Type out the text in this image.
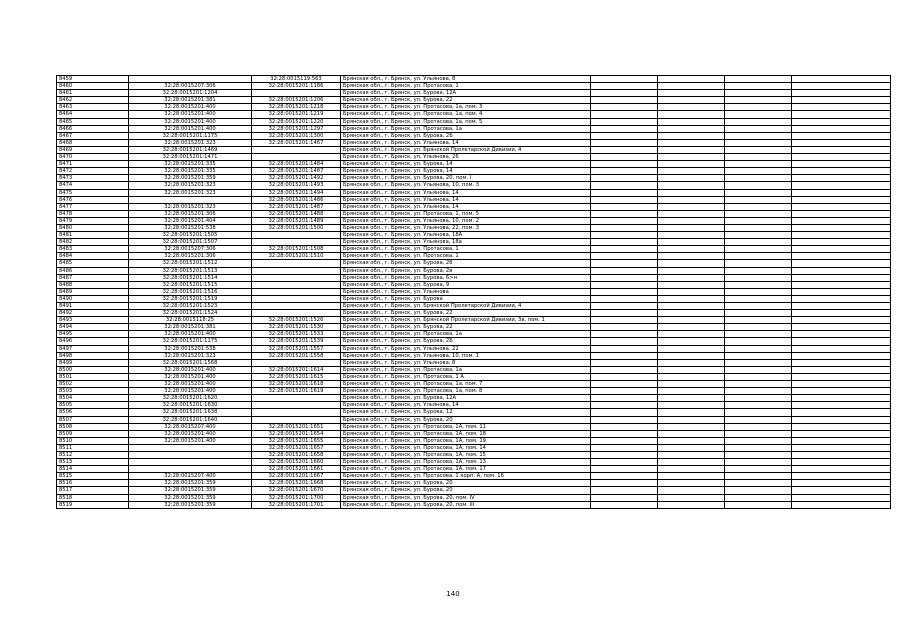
8459		32:28:0015119:563	Брянская обл., г. Брянск, ул. Ульянова, 8				
8460	32:28:0015207:306	32:28:0015201:1186	Брянская обл., г. Брянск, ул. Протасова, 1				
8461	32:28:0015201:1204		Брянская обл., г. Брянск, ул. Бурова, 12А				
8462	32:28:0015201:381	32:28:0015201:1206	Брянская обл., г. Брянск, ул. Бурова, 22				
8463	32:28:0015201:400	32:28:0015201:1218	Брянская обл., г. Брянск, ул. Протасова, 1а, пом. 3				
8464	32:28:0015201:400	32:28:0015201:1219	Брянская обл., г. Брянск, ул. Протасова, 1а, пом. 4				
8465	32:28:0015201:400	32:28:0015201:1220	Брянская обл., г. Брянск, ул. Протасова, 1а, пом. 5				
8466	32:28:0015201:400	32:28:0015201:1297	Брянская обл., г. Брянск, ул. Протасова, 1а				
8467	32:28:0015201:1175	32:28:0015201:1300	Брянская обл., г. Брянск, ул. Бурова, 2Б				
8468	32:28:0015201:323	32:28:0015201:1467	Брянская обл., г. Брянск, ул. Ульянова, 14				
8469	32:28:0015201:1469		Брянская обл., г. Брянск, ул. Брянской Пролетарской Дивизии, 4				
8470	32:28:0015201:1471		Брянская обл., г. Брянск, ул. Ульянова, 26				
8471	32:28:0015201:335	32:28:0015201:1484	Брянская обл., г. Брянск, ул. Бурова, 14				
8472	32:28:0015201:335	32:28:0015201:1487	Брянская обл., г. Брянск, ул. Бурова, 14				
8473	32:28:0015201:359	32:28:0015201:1492	Брянская обл., г. Брянск, ул. Бурова, 20, пом. I				
8474	32:28:0015201:323	32:28:0015201:1493	Брянская обл., г. Брянск, ул. Ульянова, 10, пом. 3				
8475	32:28:0015201:323	32:28:0015201:1494	Брянская обл., г. Брянск, ул. Ульянова, 14				
8476		32:28:0015201:1486	Брянская обл., г. Брянск, ул. Ульянова, 14				
8477	32:28:0015201:323	32:28:0015201:1487	Брянская обл., г. Брянск, ул. Ульянова, 14				
8478	32:28:0015201:306	32:28:0015201:1488	Брянская обл., г. Брянск, ул. Протасова, 1, пом. 5				
8479	32:28:0015201:404	32:28:0015201:1489	Брянская обл., г. Брянск, ул. Ульянова, 10, пом. 2				
8480	32:28:0015201:538	32:28:0015201:1500	Брянская обл., г. Брянск, ул. Ульянова, 22, пом. 3				
8481	32:28:0015201:1505		Брянская обл., г. Брянск, ул. Ульянова, 18А				
8482	32:28:0015201:1507		Брянская обл., г. Брянск, ул. Ульянова, 18а				
8483	32:28:0015207:306	32:28:0015201:1508	Брянская обл., г. Брянск, ул. Протасова, 1				
8484	32:28:0015201:306	32:28:0015201:1510	Брянская обл., г. Брянск, ул. Протасова, 1				
8485	32:28:0015201:1512		Брянская обл., г. Брянск, ул. Бурова, 2б				
8486	32:28:0015201:1513		Брянская обл., г. Брянск, ул. Бурова, 2в				
8487	32:28:0015201:1514		Брянская обл., г. Брянск, ул. Бурова, 6>н				
8488	32:28:0015201:1515		Брянская обл., г. Брянск, ул. Бурова, 9				
8489	32:28:0015201:1516		Брянская обл., г. Брянск, ул. Ульянова				
8490	32:28:0015201:1519		Брянская обл., г. Брянск, ул. Бурова				
8491	32:28:0015201:1523		Брянская обл., г. Брянск, ул. Брянской Пролетарской Дивизии, 4				
8492	32:28:0015201:1524		Брянская обл., г. Брянск, ул. Бурова, 22				
8493	32:28:0015118:25	32:28:0015201:1526	Брянская обл., г. Брянск, ул. Брянской Пролетарской Дивизии, 3в, пом. 1				
8494	32:28:0015201:381	32:28:0015201:1530	Брянская обл., г. Брянск, ул. Бурова, 22				
8495	32:28:0015201:400	32:28:0015201:1533	Брянская обл., г. Брянск, ул. Протасова, 1а				
8496	32:28:0015201:1175	32:28:0015201:1539	Брянская обл., г. Брянск, ул. Бурова, 2Б				
8497	32:28:0015201:538	32:28:0015201:1557	Брянская обл., г. Брянск, ул. Ульянова, 22				
8498	32:28:0015201:323	32:28:0015201:1558	Брянская обл., г. Брянск, ул. Ульянова, 10, пом. 1				
8499	32:28:0015201:1568		Брянская обл., г. Брянск, ул. Ульянова, 8				
8500	32:28:0015201:400	32:28:0015201:1614	Брянская обл., г. Брянск, ул. Протасова, 1а				
8501	32:28:0015201:400	32:28:0015201:1615	Брянская обл., г. Брянск, ул. Протасова, 1 А				
8502	32:28:0015201:400	32:28:0015201:1618	Брянская обл., г. Брянск, ул. Протасова, 1а, пом. 7				
8503	32:28:0015201:400	32:28:0015201:1619	Брянская обл., г. Брянск, ул. Протасова, 1а, пом. 8				
8504	32:28:0015201:1620		Брянская обл., г. Брянск, ул. Бурова, 12А				
8505	32:28:0015201:1630		Брянская обл., г. Брянск, ул. Ульянова, 14				
8506	32:28:0015201:1638		Брянская обл., г. Брянск, ул. Бурова, 12				
8507	32:28:0015201:1640		Брянская обл., г. Брянск, ул. Бурова, 20				
8508	32:28:0015207:400	32:28:0015201:1651	Брянская обл., г. Брянск, ул. Протасова, 1А, пом. 11				
8509	32:28:0015201:400	32:28:0015201:1654	Брянская обл., г. Брянск, ул. Протасова, 1А, пом. 18				
8510	32:28:0015201:400	32:28:0015201:1655	Брянская обл., г. Брянск, ул. Протасова, 1А, пом. 19				
8511		32:28:0015201:1657	Брянская обл., г. Брянск, ул. Протасова, 1А, пом. 14				
8512		32:28:0015201:1658	Брянская обл., г. Брянск, ул. Протасова, 1А, пом. 15				
8513		32:28:0015201:1660	Брянская обл., г. Брянск, ул. Протасова, 1А, пом. 13				
8514		32:28:0015201:1661	Брянская обл., г. Брянск, ул. Протасова, 1А, пом. 17				
8515	32:28:0015207:400	32:28:0015201:1667	Брянская обл., г. Брянск, ул. Протасова, 1 корп. А, пом. 16				
8516	32:28:0015201:359	32:28:0015201:1668	Брянская обл., г. Брянск, ул. Бурова, 20				
8517	32:28:0015201:359	32:28:0015201:1670	Брянская обл., г. Брянск, ул. Бурова, 20				
8518	32:28:0015201:359	32:28:0015201:1700	Брянская обл., г. Брянск, ул. Бурова, 20, пом. IV				
8519	32:28:0015201:359	32:28:0015201:1701	Брянская обл., г. Брянск, ул. Бурова, 20, пом. III				
140
